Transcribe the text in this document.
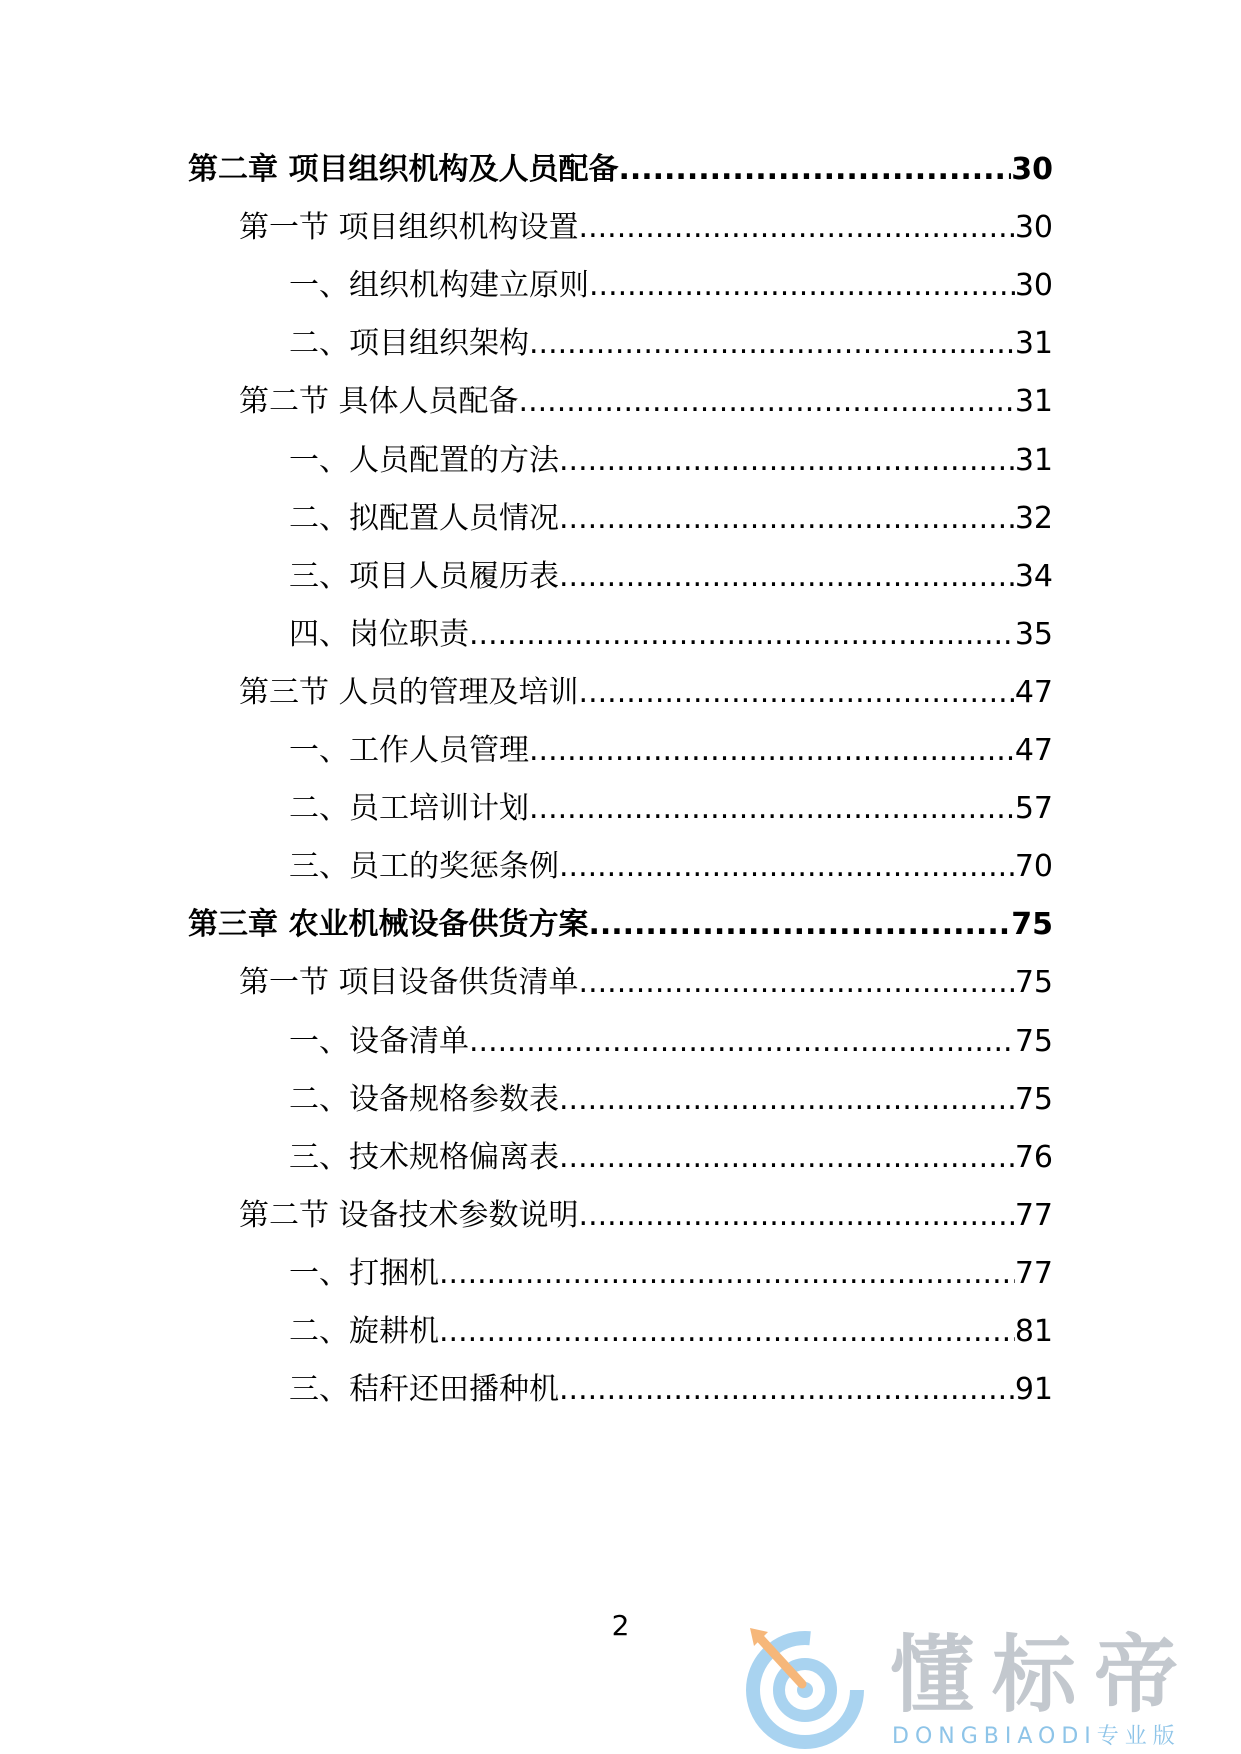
第二章 项目组织机构及人员配备 .....	30
第一节 项目组织机构设置 .....	30
一、组织机构建立原则 .....	30
二、项目组织架构 .....	31
第二节 具体人员配备 .....	31
一、人员配置的方法 .....	31
二、拟配置人员情况 .....	32
三、项目人员履历表 .....	34
四、岗位职责 .....	35
第三节 人员的管理及培训 .....	47
一、工作人员管理 .....	47
二、员工培训计划 .....	57
三、员工的奖惩条例 .....	70
第三章 农业机械设备供货方案 .....	75
第一节 项目设备供货清单 .....	75
一、设备清单 .....	75
二、设备规格参数表 .....	75
三、技术规格偏离表 .....	76
第二节 设备技术参数说明 .....	77
一、打捆机 .....	77
二、旋耕机 .....	81
三、秸秆还田播种机 .....	91
2
懂标帝
DONGBIAODI专业版
